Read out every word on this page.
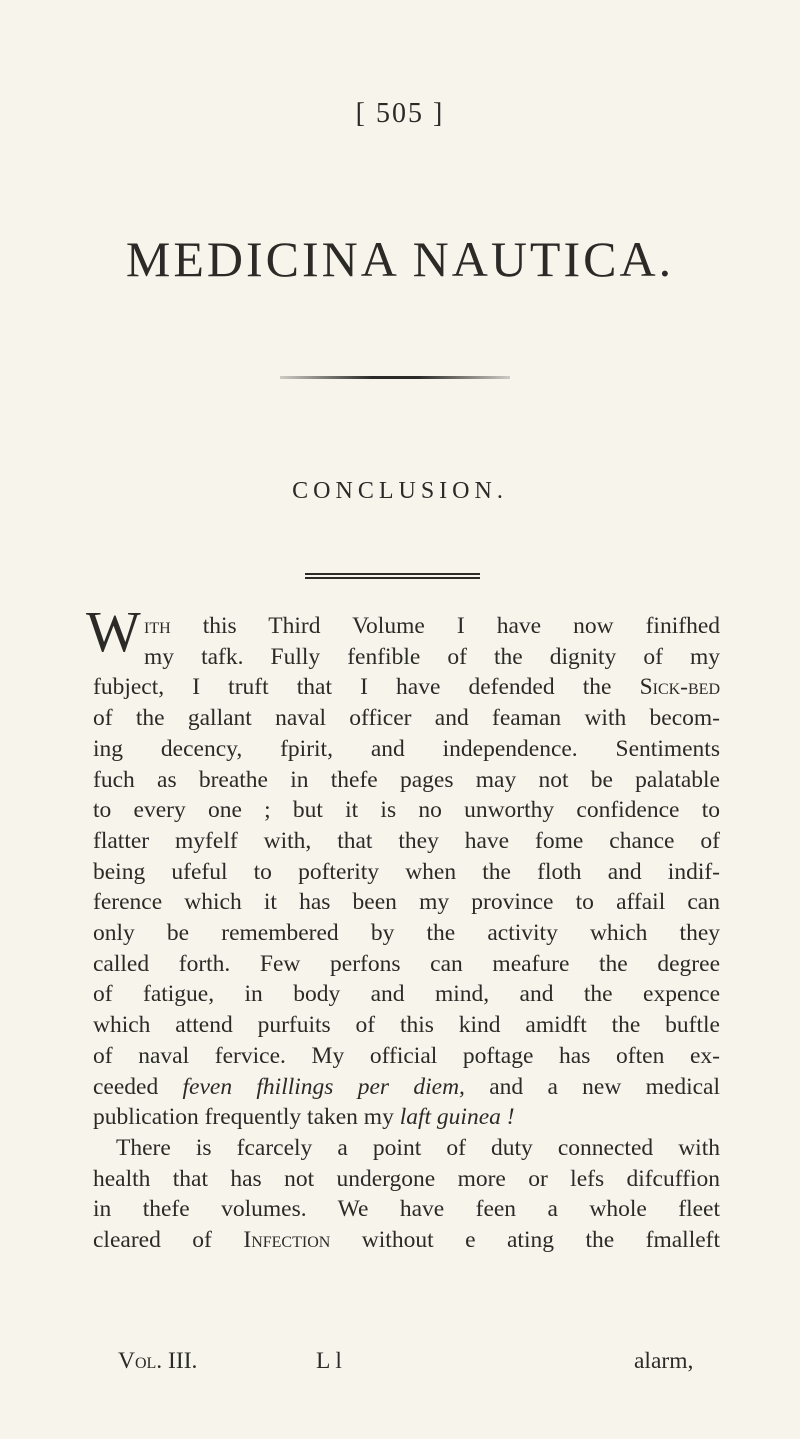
[ 505 ]
MEDICINA NAUTICA.
CONCLUSION.
W ith this Third Volume I have now finifhed
my tafk. Fully fenfible of the dignity of my
fubject, I truft that I have defended the Sick-bed
of the gallant naval officer and feaman with becom-
ing decency, fpirit, and independence. Sentiments
fuch as breathe in thefe pages may not be palatable
to every one ; but it is no unworthy confidence to
flatter myfelf with, that they have fome chance of
being ufeful to pofterity when the floth and indif-
ference which it has been my province to affail can
only be remembered by the activity which they
called forth. Few perfons can meafure the degree
of fatigue, in body and mind, and the expence
which attend purfuits of this kind amidft the buftle
of naval fervice. My official poftage has often ex-
ceeded feven fhillings per diem, and a new medical
publication frequently taken my laft guinea !
There is fcarcely a point of duty connected with
health that has not undergone more or lefs difcuffion
in thefe volumes. We have feen a whole fleet
cleared of Infection without e ating the fmalleft
Vol. III.	L l	alarm,
